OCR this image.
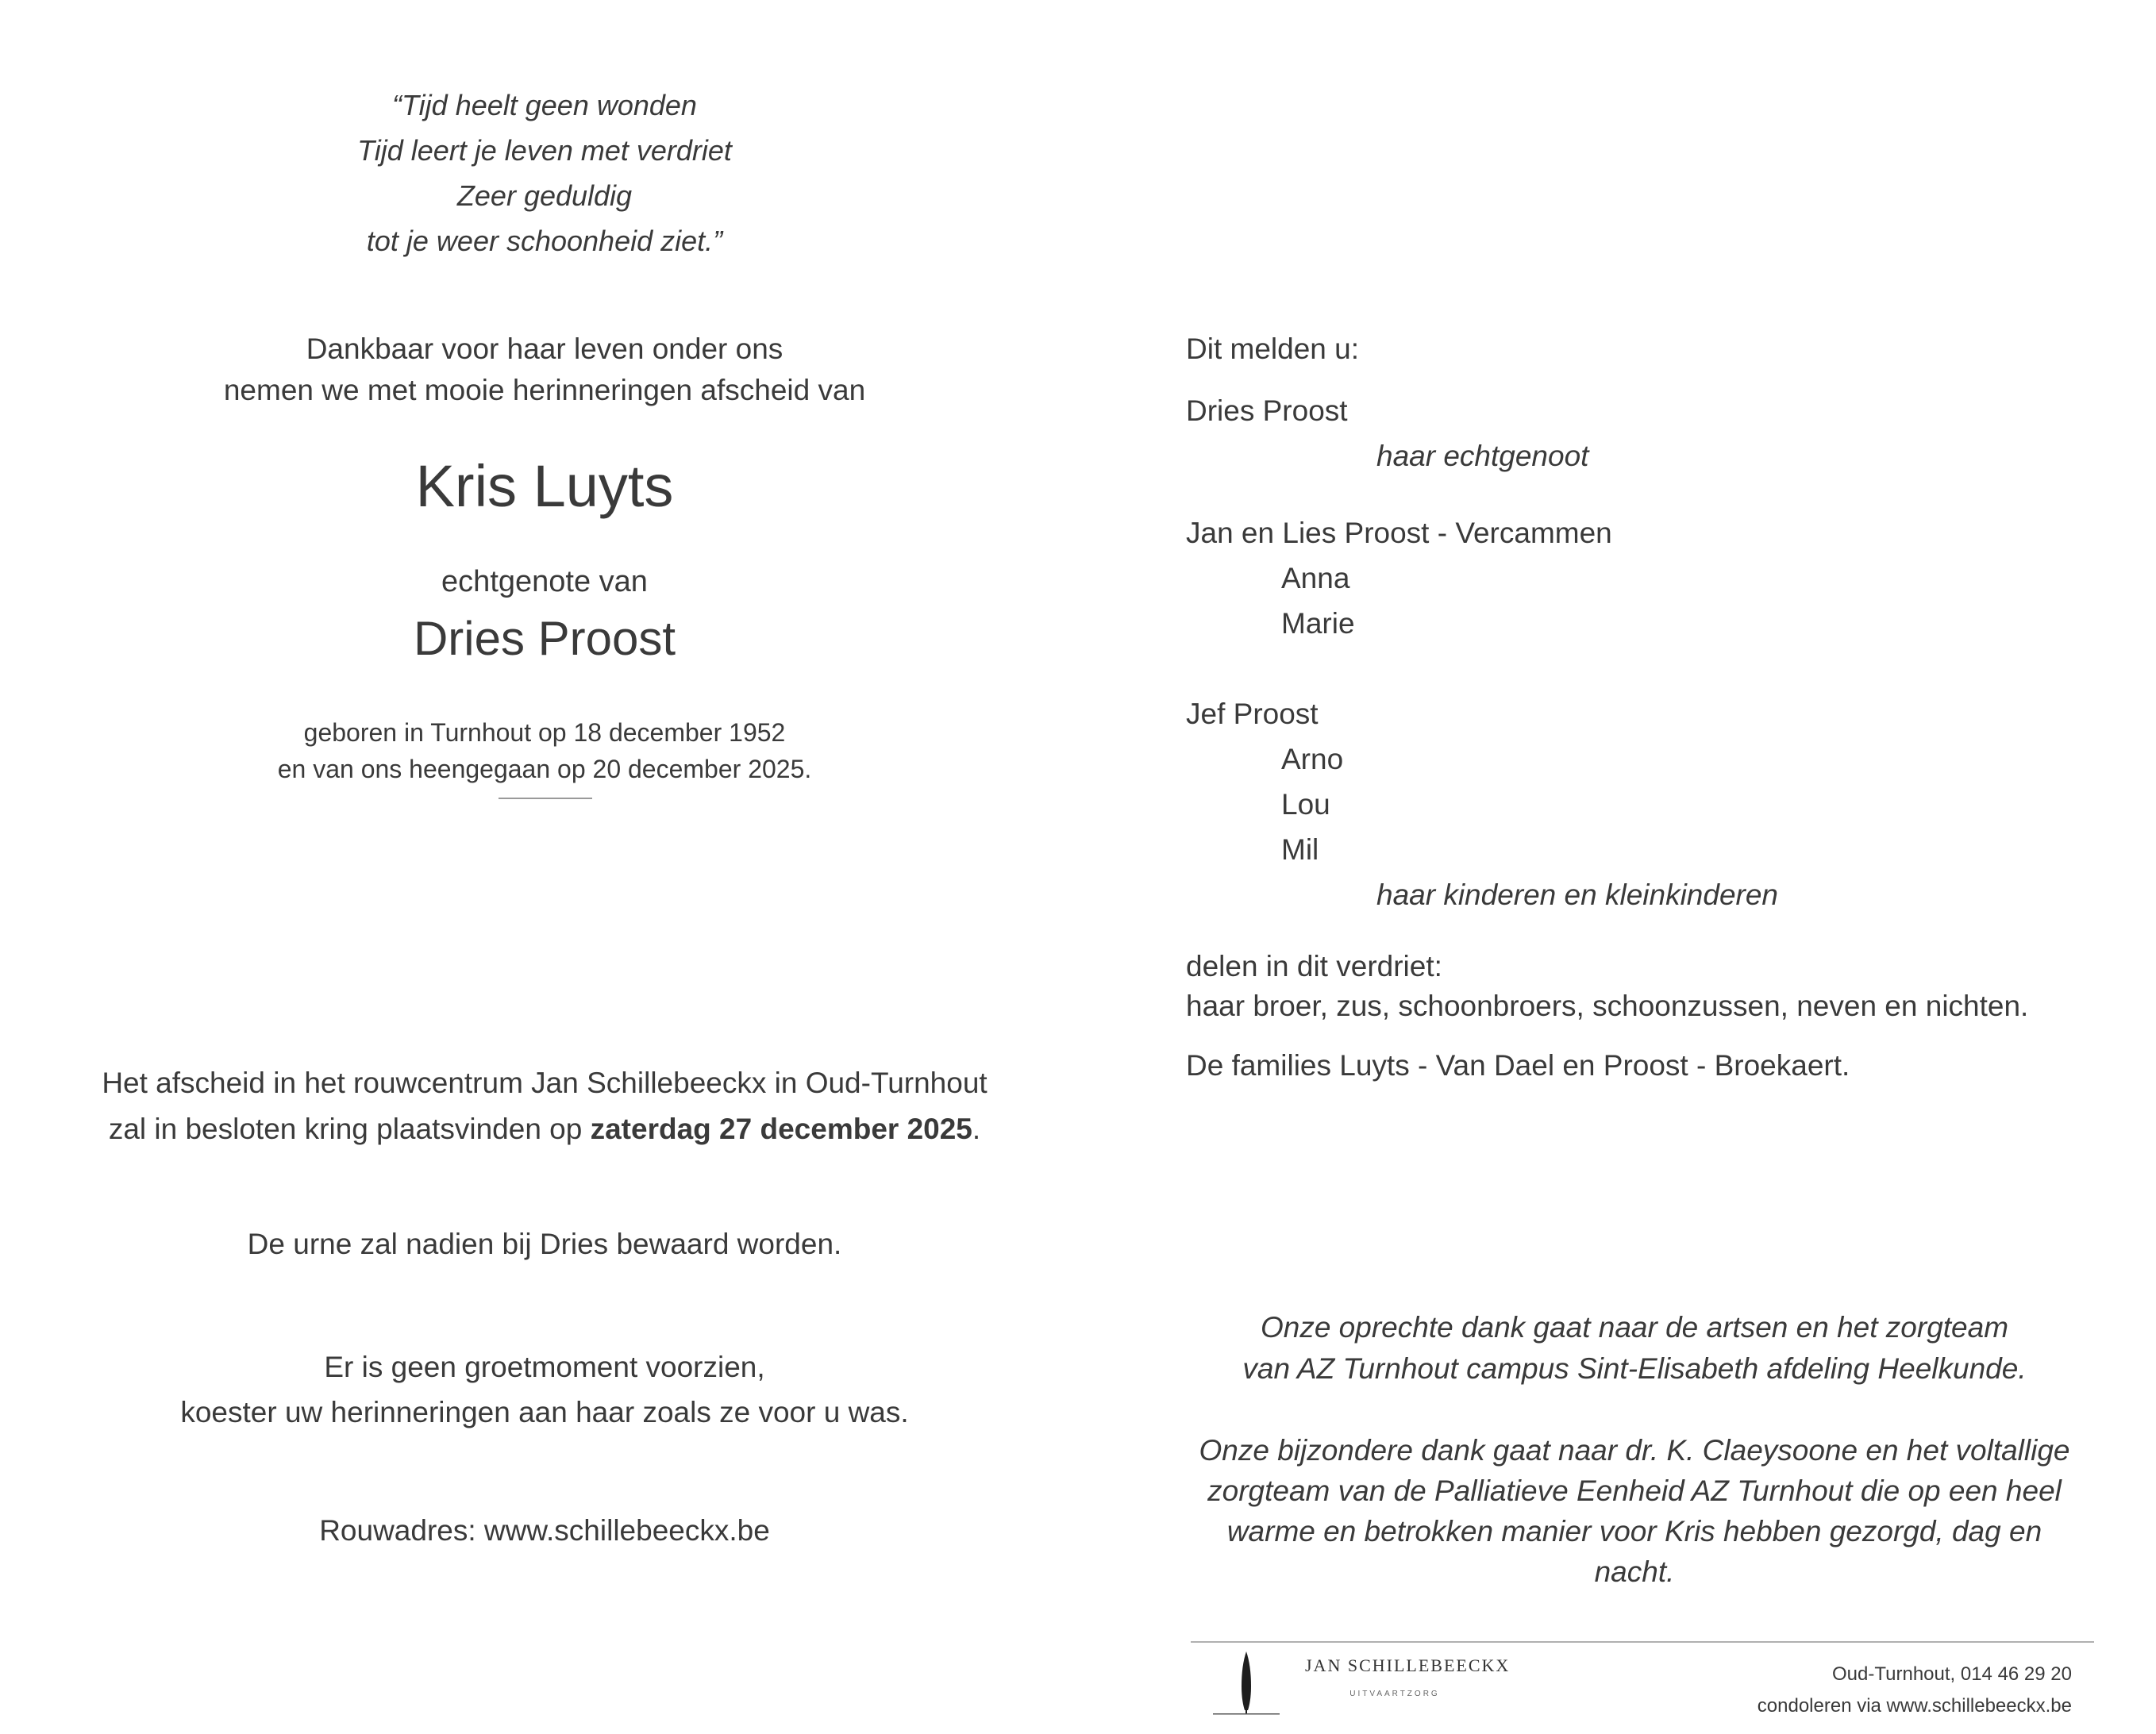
“Tijd heelt geen wonden
Tijd leert je leven met verdriet
Zeer geduldig
tot je weer schoonheid ziet.”
Dankbaar voor haar leven onder ons
nemen we met mooie herinneringen afscheid van
Kris Luyts
echtgenote van
Dries Proost
geboren in Turnhout op 18 december 1952
en van ons heengegaan op 20 december 2025.
Het afscheid in het rouwcentrum Jan Schillebeeckx in Oud-Turnhout
zal in besloten kring plaatsvinden op zaterdag 27 december 2025.
De urne zal nadien bij Dries bewaard worden.
Er is geen groetmoment voorzien,
koester uw herinneringen aan haar zoals ze voor u was.
Rouwadres: www.schillebeeckx.be
Dit melden u:
Dries Proost
haar echtgenoot
Jan en Lies Proost - Vercammen
Anna
Marie
Jef Proost
Arno
Lou
Mil
haar kinderen en kleinkinderen
delen in dit verdriet:
haar broer, zus, schoonbroers, schoonzussen, neven en nichten.
De families Luyts - Van Dael en Proost - Broekaert.
Onze oprechte dank gaat naar de artsen en het zorgteam
van AZ Turnhout campus Sint-Elisabeth afdeling Heelkunde.
Onze bijzondere dank gaat naar dr. K. Claeysoone en het voltallige
zorgteam van de Palliatieve Eenheid AZ Turnhout die op een heel
warme en betrokken manier voor Kris hebben gezorgd, dag en nacht.
JAN SCHILLEBEECKX
UITVAARTZORG
Oud-Turnhout, 014 46 29 20
condoleren via www.schillebeeckx.be
